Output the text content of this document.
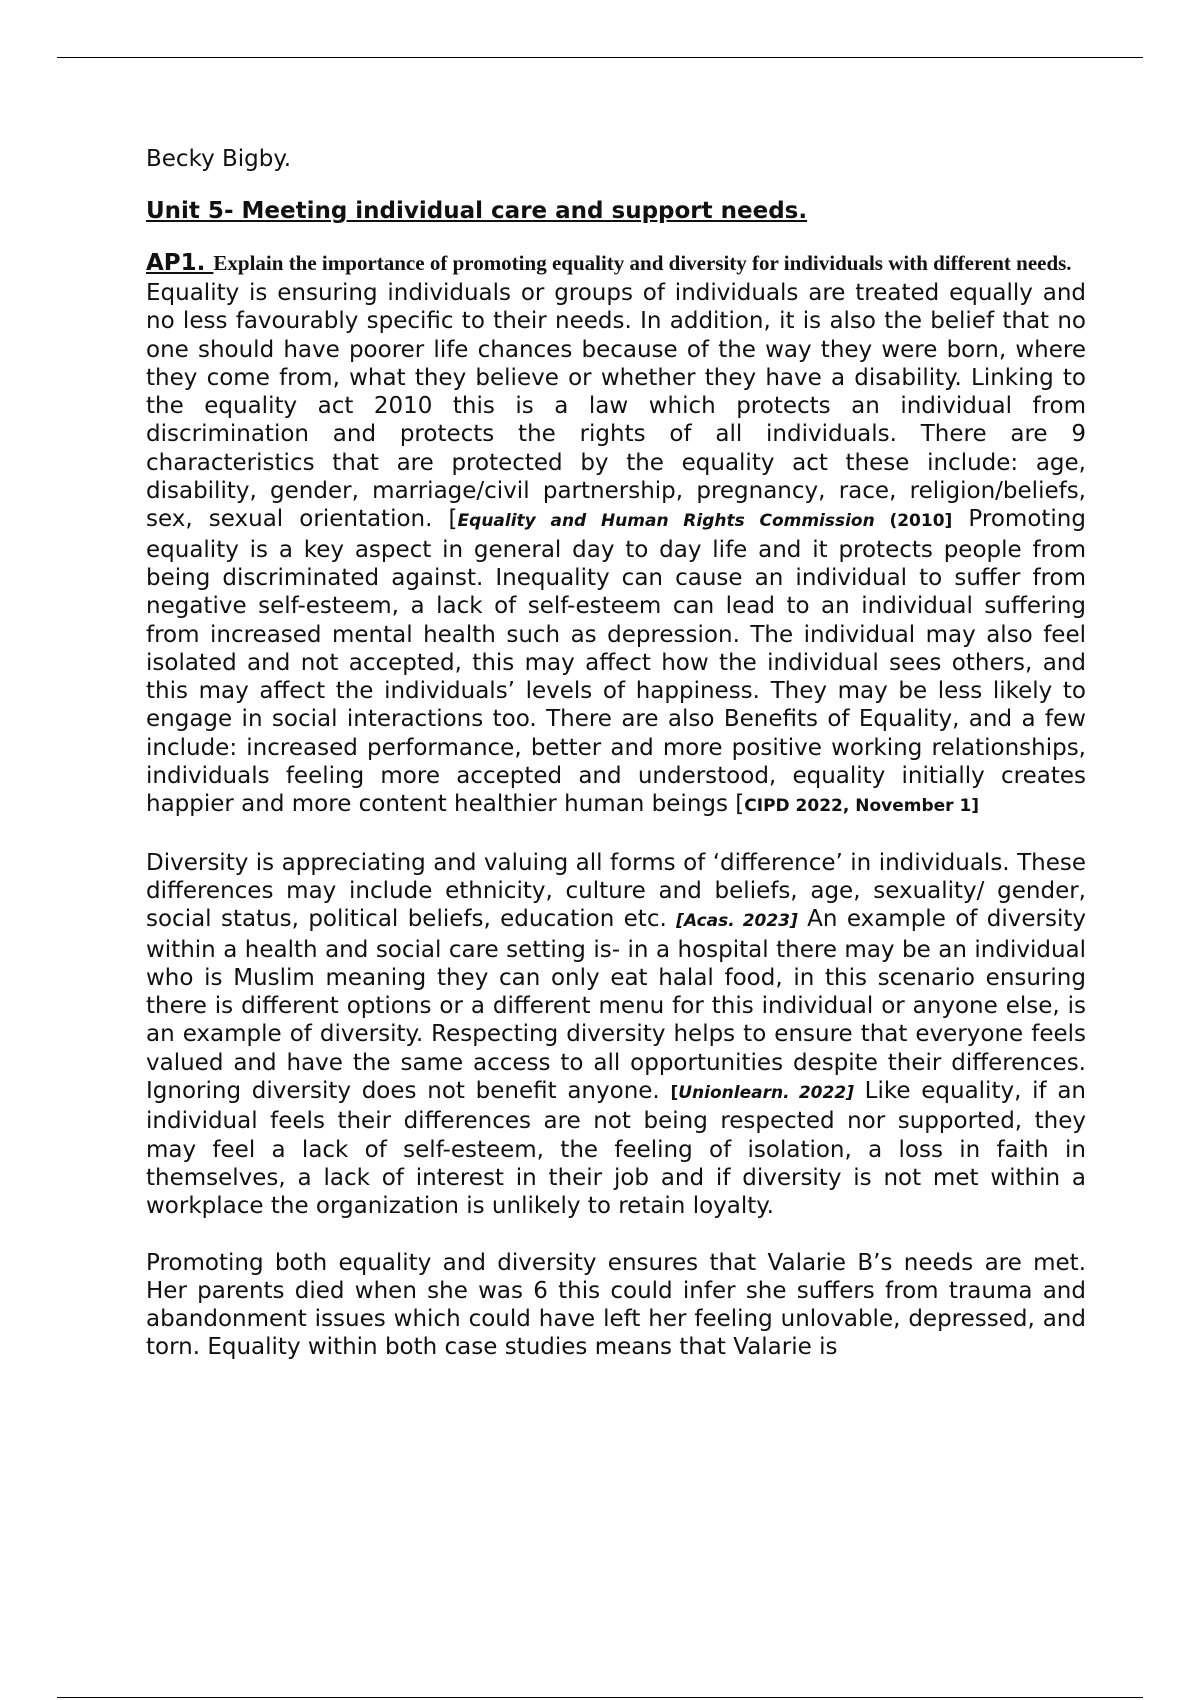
Becky Bigby.

Unit 5- Meeting individual care and support needs.

AP1. Explain the importance of promoting equality and diversity for individuals with different needs.

Equality is ensuring individuals or groups of individuals are treated equally and no less favourably specific to their needs. In addition, it is also the belief that no one should have poorer life chances because of the way they were born, where they come from, what they believe or whether they have a disability. Linking to the equality act 2010 this is a law which protects an individual from discrimination and protects the rights of all individuals. There are 9 characteristics that are protected by the equality act these include: age, disability, gender, marriage/civil partnership, pregnancy, race, religion/beliefs, sex, sexual orientation. [Equality and Human Rights Commission (2010] Promoting equality is a key aspect in general day to day life and it protects people from being discriminated against. Inequality can cause an individual to suffer from negative self-esteem, a lack of self-esteem can lead to an individual suffering from increased mental health such as depression. The individual may also feel isolated and not accepted, this may affect how the individual sees others, and this may affect the individuals’ levels of happiness. They may be less likely to engage in social interactions too. There are also Benefits of Equality, and a few include: increased performance, better and more positive working relationships, individuals feeling more accepted and understood, equality initially creates happier and more content healthier human beings [CIPD 2022, November 1]

Diversity is appreciating and valuing all forms of ‘difference’ in individuals. These differences may include ethnicity, culture and beliefs, age, sexuality/ gender, social status, political beliefs, education etc. [Acas. 2023] An example of diversity within a health and social care setting is- in a hospital there may be an individual who is Muslim meaning they can only eat halal food, in this scenario ensuring there is different options or a different menu for this individual or anyone else, is an example of diversity. Respecting diversity helps to ensure that everyone feels valued and have the same access to all opportunities despite their differences. Ignoring diversity does not benefit anyone. [Unionlearn. 2022] Like equality, if an individual feels their differences are not being respected nor supported, they may feel a lack of self-esteem, the feeling of isolation, a loss in faith in themselves, a lack of interest in their job and if diversity is not met within a workplace the organization is unlikely to retain loyalty.

Promoting both equality and diversity ensures that Valarie B’s needs are met. Her parents died when she was 6 this could infer she suffers from trauma and abandonment issues which could have left her feeling unlovable, depressed, and torn. Equality within both case studies means that Valarie is
